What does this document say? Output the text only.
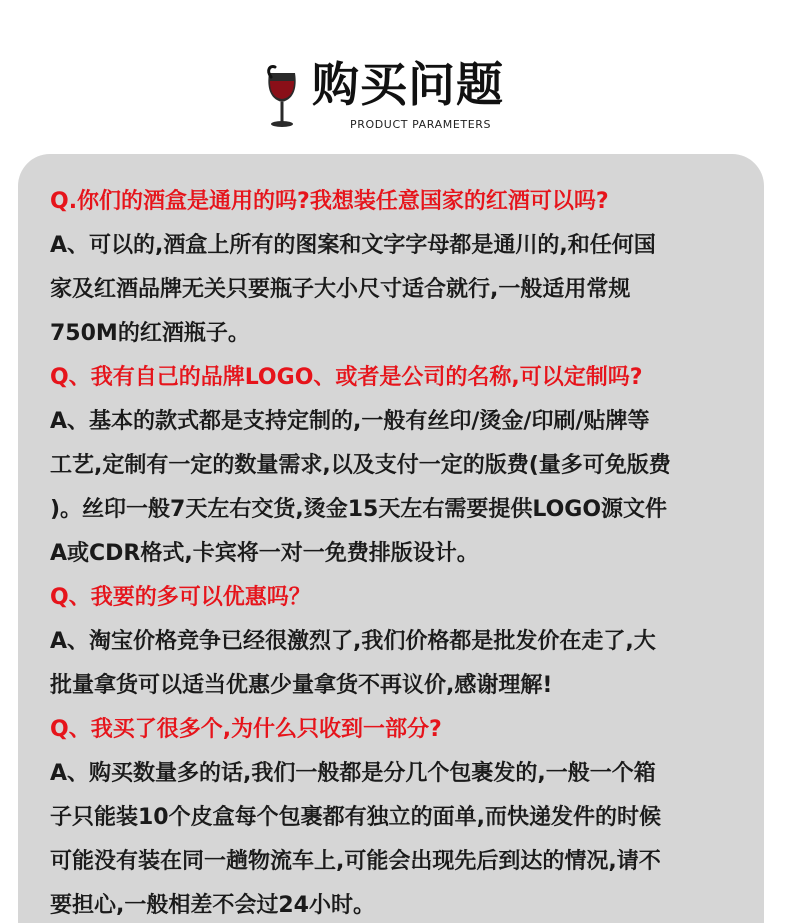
购买问题
PRODUCT PARAMETERS
Q.你们的酒盒是通用的吗?我想装任意国家的红酒可以吗?
A、可以的,酒盒上所有的图案和文字字母都是通川的,和任何国
家及红酒品牌无关只要瓶子大小尺寸适合就行,一般适用常规
750M的红酒瓶子。
Q、我有自己的品牌LOGO、或者是公司的名称,可以定制吗?
A、基本的款式都是支持定制的,一般有丝印/烫金/印刷/贴牌等
工艺,定制有一定的数量需求,以及支付一定的版费(量多可免版费
)。丝印一般7天左右交货,烫金15天左右需要提供LOGO源文件
A或CDR格式,卡宾将一对一免费排版设计。
Q、我要的多可以优惠吗？
A、淘宝价格竞争已经很激烈了,我们价格都是批发价在走了,大
批量拿货可以适当优惠少量拿货不再议价,感谢理解!
Q、我买了很多个,为什么只收到一部分?
A、购买数量多的话,我们一般都是分几个包裹发的,一般一个箱
子只能装10个皮盒每个包裹都有独立的面单,而快递发件的时候
可能没有装在同一趟物流车上,可能会出现先后到达的情况,请不
要担心,一般相差不会过24小时。
